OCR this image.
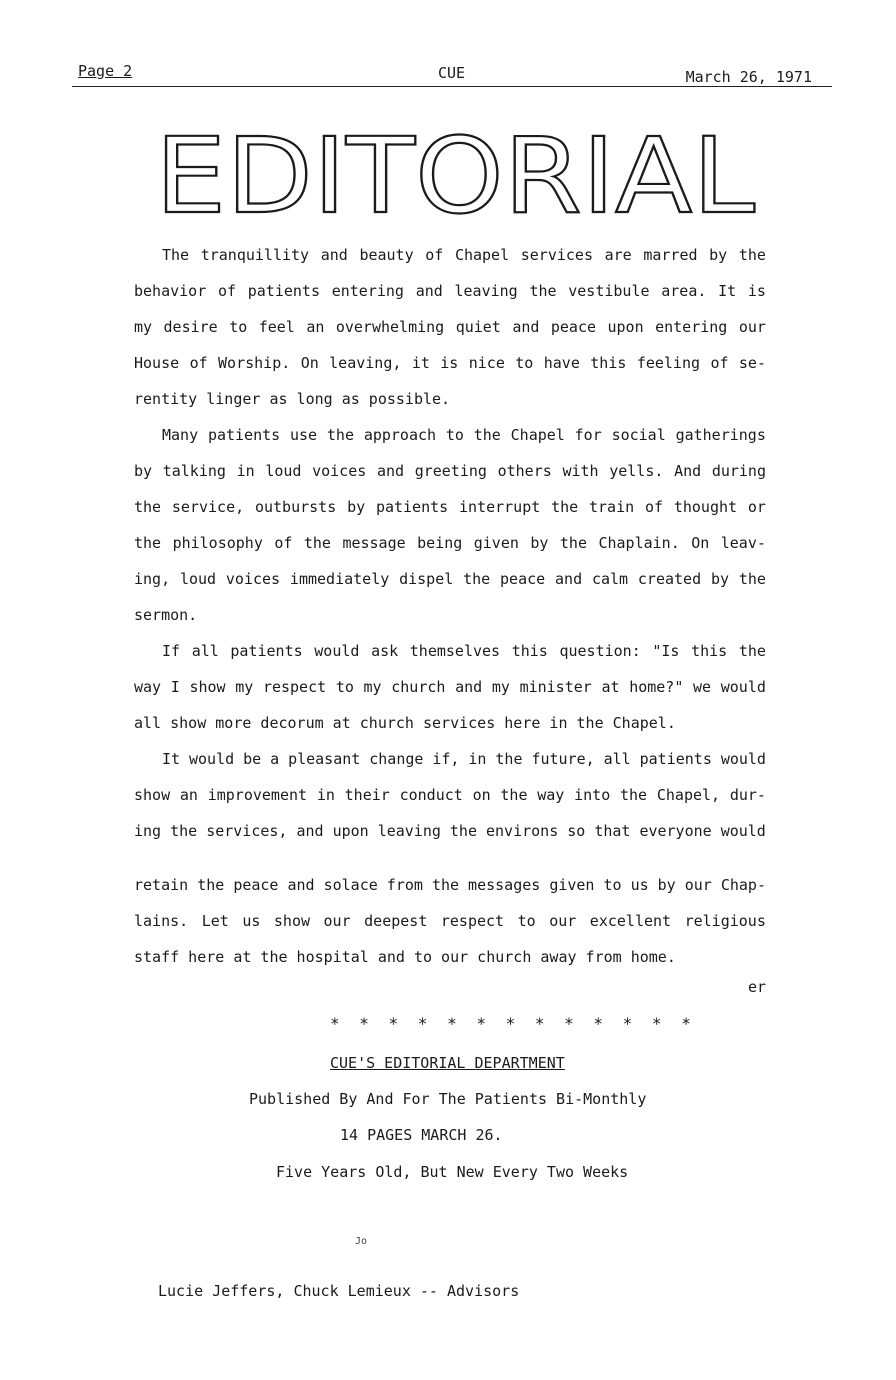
Page 2	CUE	March 26, 1971
EDITORIAL
The tranquillity and beauty of Chapel services are marred by the
behavior of patients entering and leaving the vestibule area. It is
my desire to feel an overwhelming quiet and peace upon entering our
House of Worship. On leaving, it is nice to have this feeling of se-
rentity linger as long as possible.
Many patients use the approach to the Chapel for social gatherings
by talking in loud voices and greeting others with yells. And during
the service, outbursts by patients interrupt the train of thought or
the philosophy of the message being given by the Chaplain. On leav-
ing, loud voices immediately dispel the peace and calm created by the
sermon.
If all patients would ask themselves this question: "Is this the
way I show my respect to my church and my minister at home?" we would
all show more decorum at church services here in the Chapel.
It would be a pleasant change if, in the future, all patients would
show an improvement in their conduct on the way into the Chapel, dur-
ing the services, and upon leaving the environs so that everyone would
retain the peace and solace from the messages given to us by our Chap-
lains. Let us show our deepest respect to our excellent religious
staff here at the hospital and to our church away from home.
er
* * * * * * * * * * * * *
CUE'S EDITORIAL DEPARTMENT
Published By And For The Patients Bi-Monthly
14 PAGES MARCH 26.
Five Years Old, But New Every Two Weeks
Jo
Lucie Jeffers, Chuck Lemieux -- Advisors
